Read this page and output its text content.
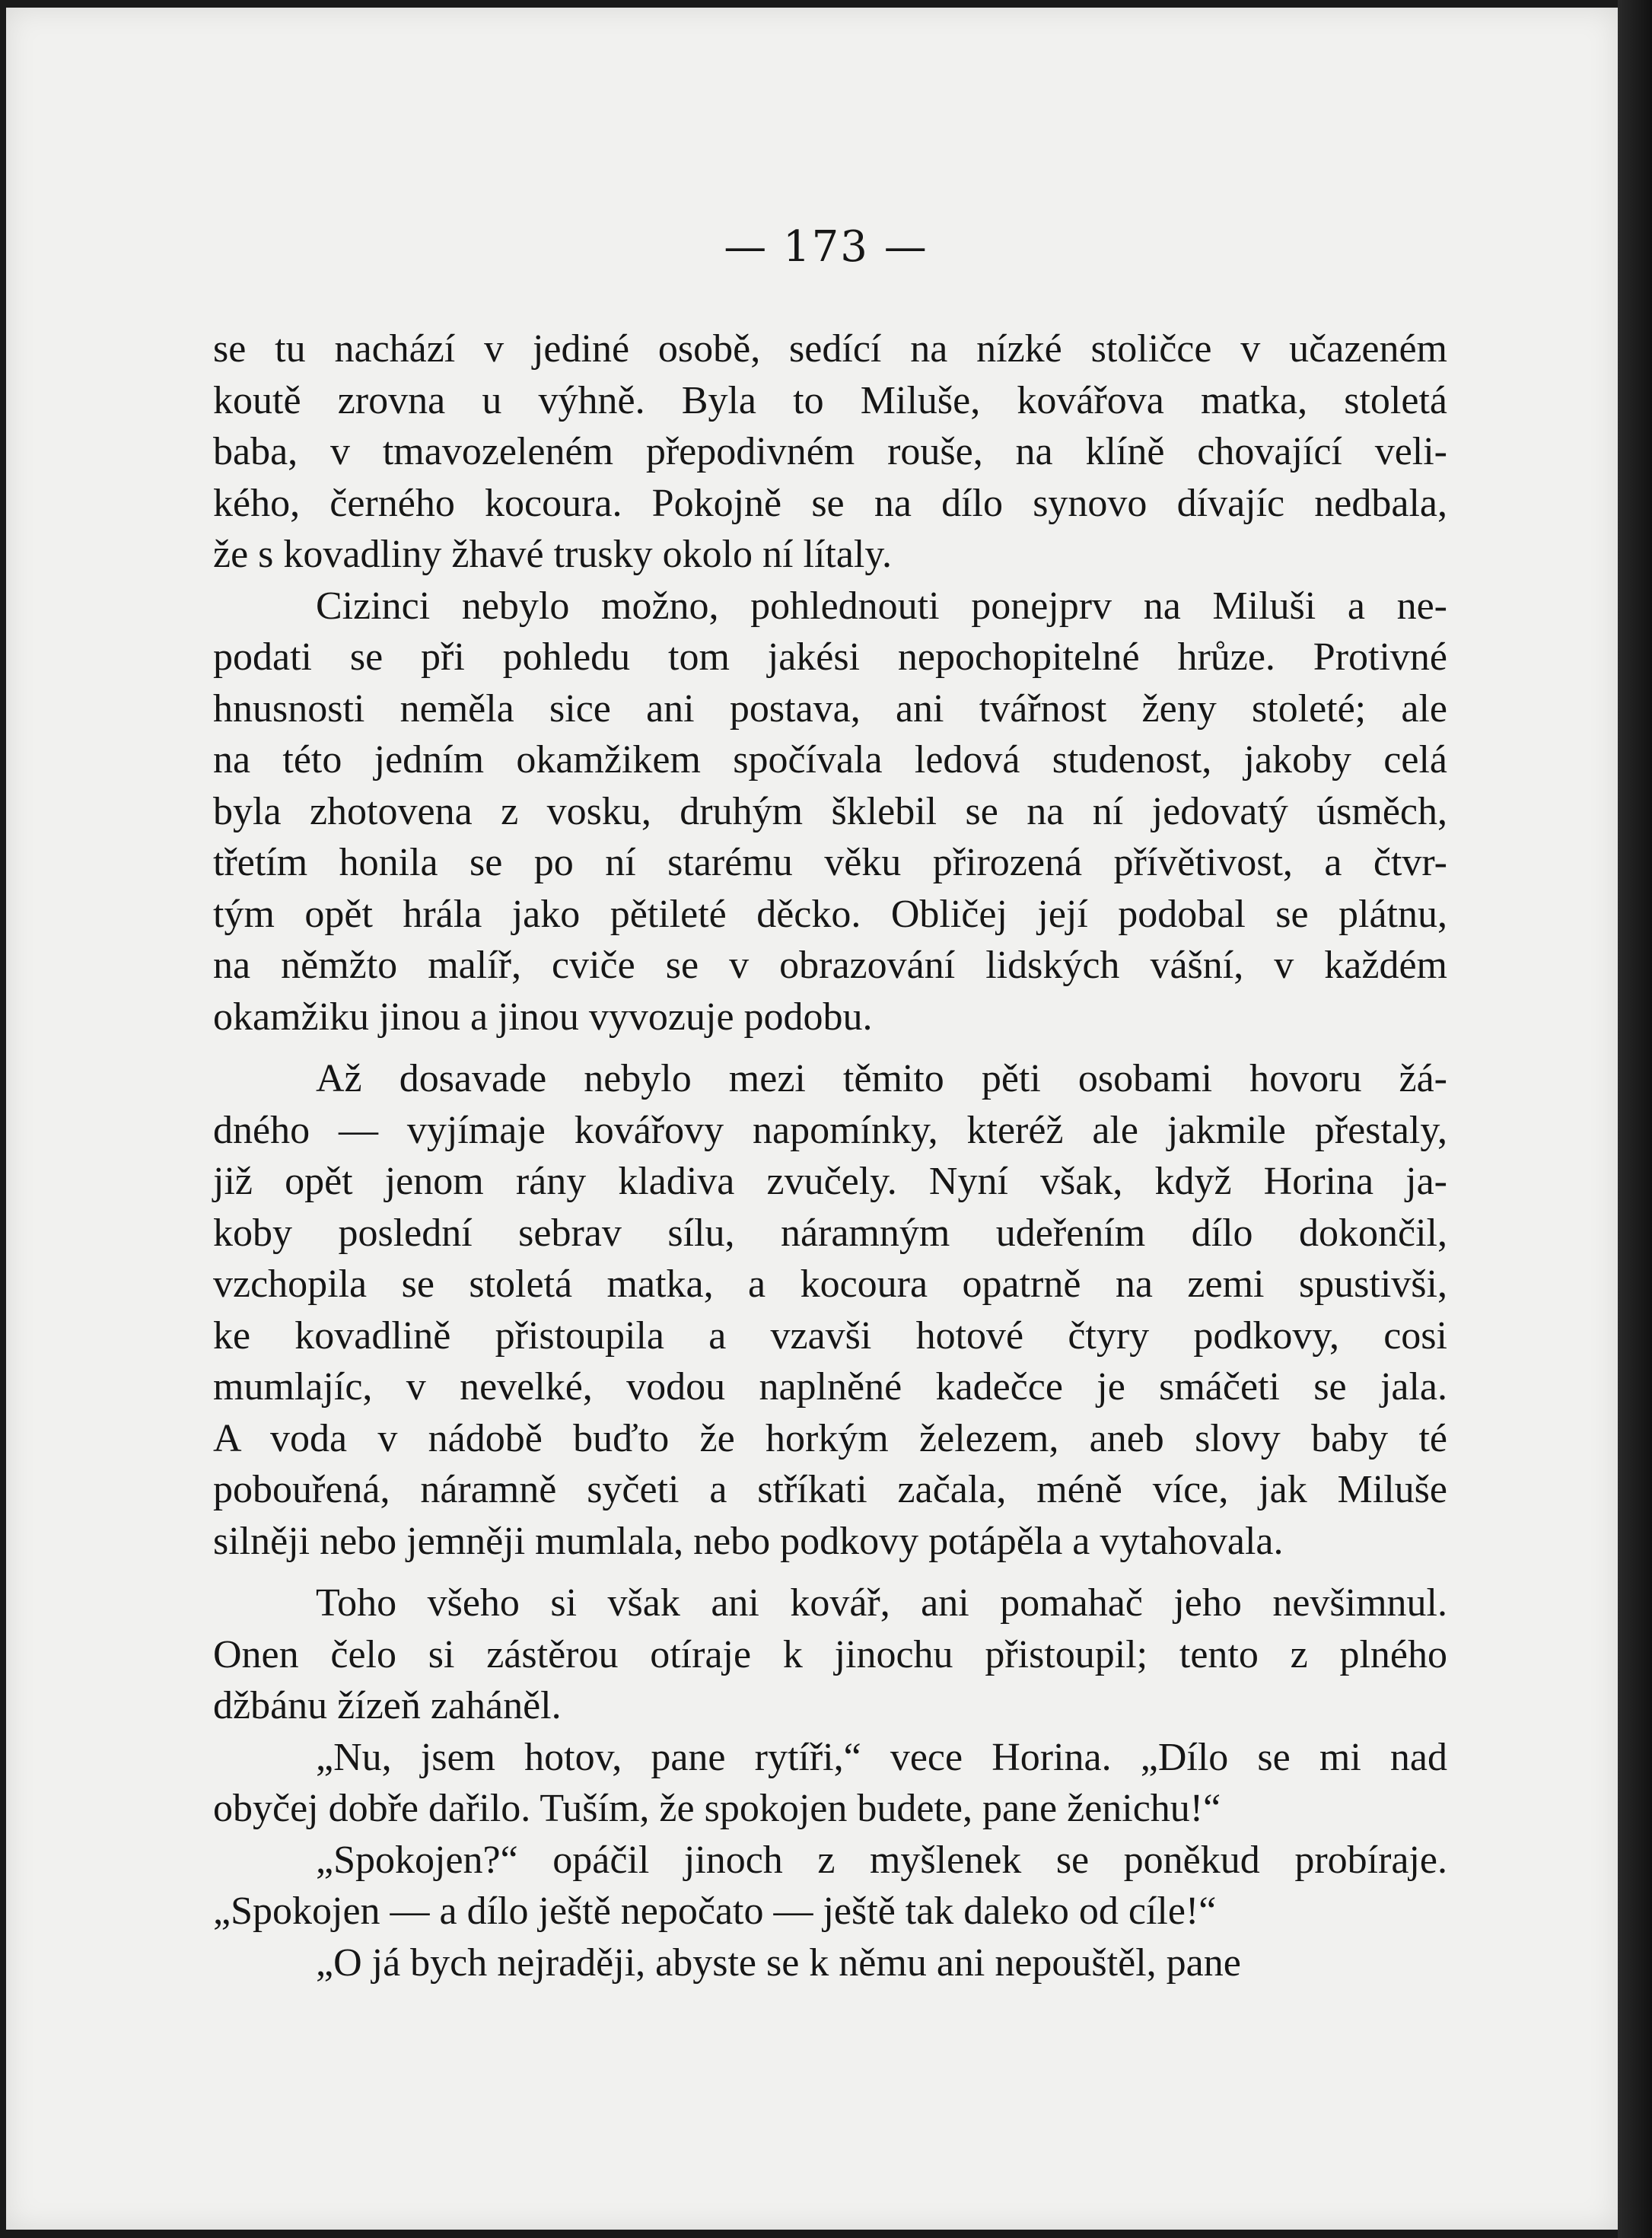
— 173 —
se tu nachází v jediné osobě, sedící na nízké stoličce v učazeném
koutě zrovna u výhně. Byla to Miluše, kovářova matka, stoletá
baba, v tmavozeleném přepodivném rouše, na klíně chovající veli-
kého, černého kocoura. Pokojně se na dílo synovo dívajíc nedbala,
že s kovadliny žhavé trusky okolo ní lítaly.
Cizinci nebylo možno, pohlednouti ponejprv na Miluši a ne-
podati se při pohledu tom jakési nepochopitelné hrůze. Protivné
hnusnosti neměla sice ani postava, ani tvářnost ženy stoleté; ale
na této jedním okamžikem spočívala ledová studenost, jakoby celá
byla zhotovena z vosku, druhým šklebil se na ní jedovatý úsměch,
třetím honila se po ní starému věku přirozená přívětivost, a čtvr-
tým opět hrála jako pětileté děcko. Obličej její podobal se plátnu,
na němžto malíř, cviče se v obrazování lidských vášní, v každém
okamžiku jinou a jinou vyvozuje podobu.
Až dosavade nebylo mezi těmito pěti osobami hovoru žá-
dného — vyjímaje kovářovy napomínky, kteréž ale jakmile přestaly,
již opět jenom rány kladiva zvučely. Nyní však, když Horina ja-
koby poslední sebrav sílu, náramným udeřením dílo dokončil,
vzchopila se stoletá matka, a kocoura opatrně na zemi spustivši,
ke kovadlině přistoupila a vzavši hotové čtyry podkovy, cosi
mumlajíc, v nevelké, vodou naplněné kadečce je smáčeti se jala.
A voda v nádobě buďto že horkým železem, aneb slovy baby té
pobouřená, náramně syčeti a stříkati začala, méně více, jak Miluše
silněji nebo jemněji mumlala, nebo podkovy potápěla a vytahovala.
Toho všeho si však ani kovář, ani pomahač jeho nevšimnul.
Onen čelo si zástěrou otíraje k jinochu přistoupil; tento z plného
džbánu žízeň zaháněl.
„Nu, jsem hotov, pane rytíři,“ vece Horina. „Dílo se mi nad
obyčej dobře dařilo. Tuším, že spokojen budete, pane ženichu!“
„Spokojen?“ opáčil jinoch z myšlenek se poněkud probíraje.
„Spokojen — a dílo ještě nepočato — ještě tak daleko od cíle!“
„O já bych nejraději, abyste se k němu ani nepouštěl, pane
